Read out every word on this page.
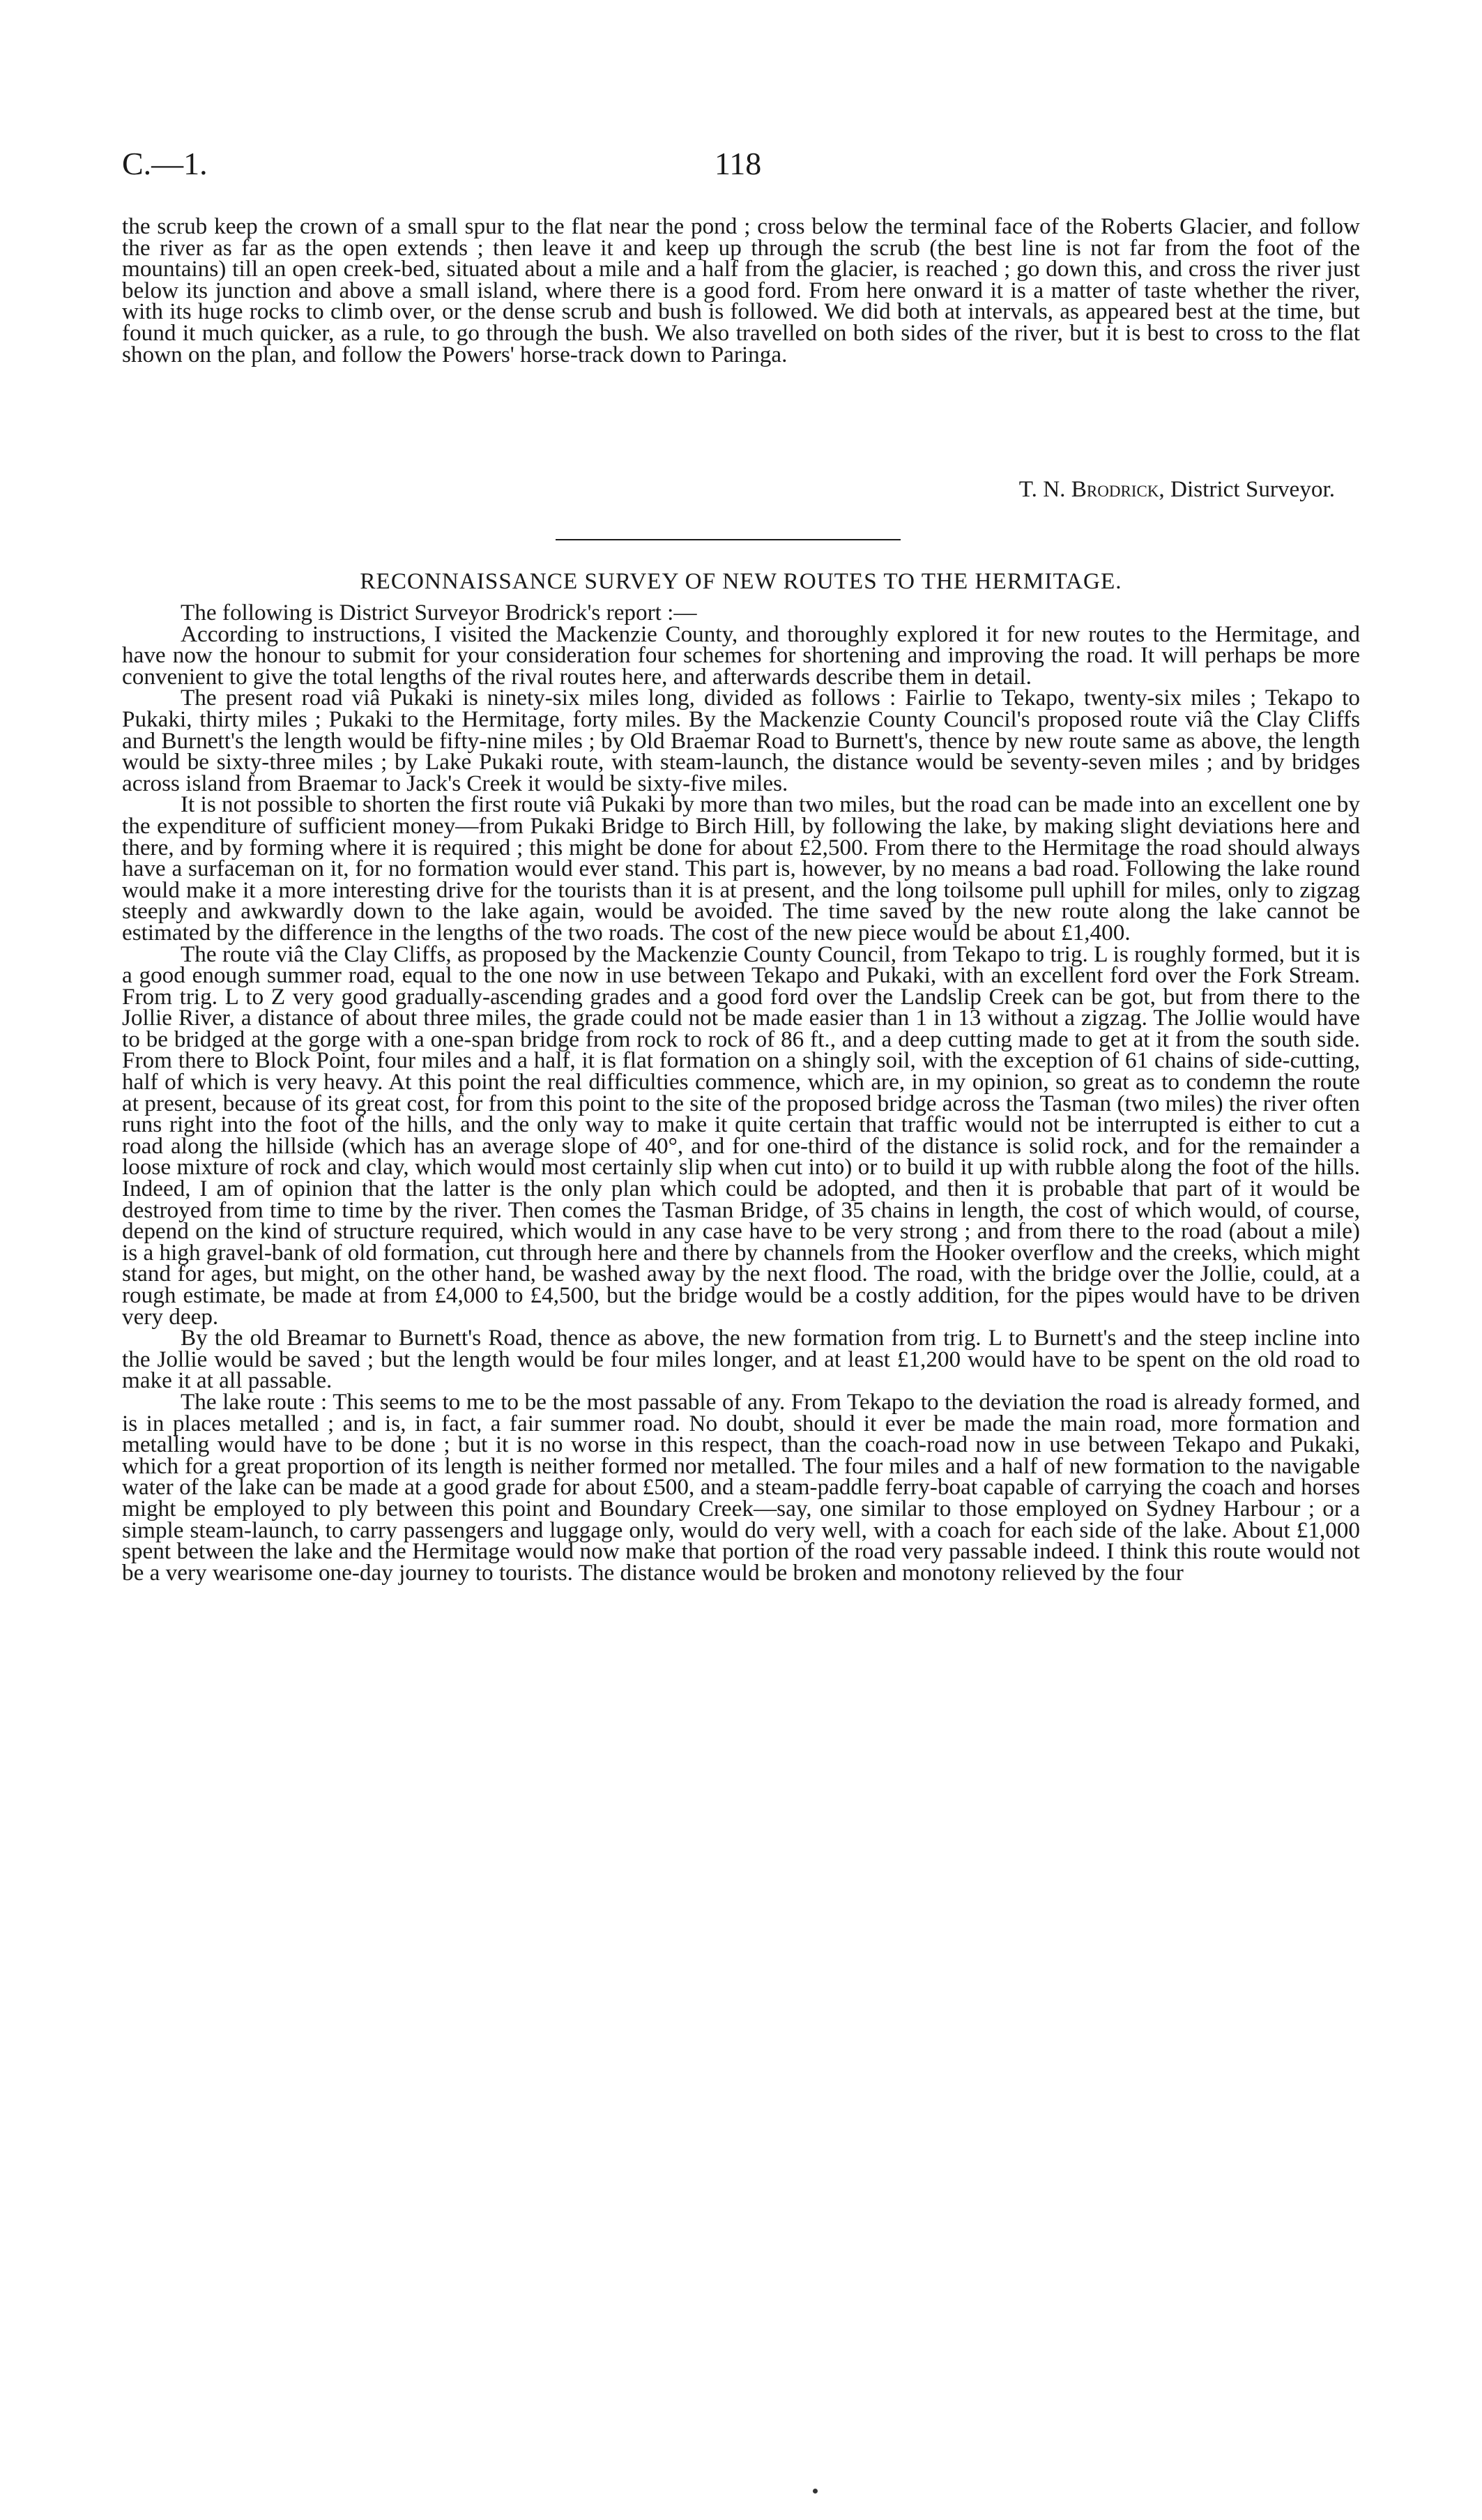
C.—1.	118

the scrub keep the crown of a small spur to the flat near the pond ; cross below the terminal face of the Roberts Glacier, and follow the river as far as the open extends ; then leave it and keep up through the scrub (the best line is not far from the foot of the mountains) till an open creek-bed, situated about a mile and a half from the glacier, is reached ; go down this, and cross the river just below its junction and above a small island, where there is a good ford. From here onward it is a matter of taste whether the river, with its huge rocks to climb over, or the dense scrub and bush is followed. We did both at intervals, as appeared best at the time, but found it much quicker, as a rule, to go through the bush. We also travelled on both sides of the river, but it is best to cross to the flat shown on the plan, and follow the Powers' horse-track down to Paringa.

T. N. Brodrick, District Surveyor.
RECONNAISSANCE SURVEY OF NEW ROUTES TO THE HERMITAGE.

The following is District Surveyor Brodrick's report :—

According to instructions, I visited the Mackenzie County, and thoroughly explored it for new routes to the Hermitage, and have now the honour to submit for your consideration four schemes for shortening and improving the road. It will perhaps be more convenient to give the total lengths of the rival routes here, and afterwards describe them in detail.

The present road viâ Pukaki is ninety-six miles long, divided as follows : Fairlie to Tekapo, twenty-six miles ; Tekapo to Pukaki, thirty miles ; Pukaki to the Hermitage, forty miles. By the Mackenzie County Council's proposed route viâ the Clay Cliffs and Burnett's the length would be fifty-nine miles ; by Old Braemar Road to Burnett's, thence by new route same as above, the length would be sixty-three miles ; by Lake Pukaki route, with steam-launch, the distance would be seventy-seven miles ; and by bridges across island from Braemar to Jack's Creek it would be sixty-five miles.

It is not possible to shorten the first route viâ Pukaki by more than two miles, but the road can be made into an excellent one by the expenditure of sufficient money—from Pukaki Bridge to Birch Hill, by following the lake, by making slight deviations here and there, and by forming where it is required ; this might be done for about £2,500. From there to the Hermitage the road should always have a surfaceman on it, for no formation would ever stand. This part is, however, by no means a bad road. Following the lake round would make it a more interesting drive for the tourists than it is at present, and the long toilsome pull uphill for miles, only to zigzag steeply and awkwardly down to the lake again, would be avoided. The time saved by the new route along the lake cannot be estimated by the difference in the lengths of the two roads. The cost of the new piece would be about £1,400.

The route viâ the Clay Cliffs, as proposed by the Mackenzie County Council, from Tekapo to trig. L is roughly formed, but it is a good enough summer road, equal to the one now in use between Tekapo and Pukaki, with an excellent ford over the Fork Stream. From trig. L to Z very good gradually-ascending grades and a good ford over the Landslip Creek can be got, but from there to the Jollie River, a distance of about three miles, the grade could not be made easier than 1 in 13 without a zigzag. The Jollie would have to be bridged at the gorge with a one-span bridge from rock to rock of 86 ft., and a deep cutting made to get at it from the south side. From there to Block Point, four miles and a half, it is flat formation on a shingly soil, with the exception of 61 chains of side-cutting, half of which is very heavy. At this point the real difficulties commence, which are, in my opinion, so great as to condemn the route at present, because of its great cost, for from this point to the site of the proposed bridge across the Tasman (two miles) the river often runs right into the foot of the hills, and the only way to make it quite certain that traffic would not be interrupted is either to cut a road along the hillside (which has an average slope of 40°, and for one-third of the distance is solid rock, and for the remainder a loose mixture of rock and clay, which would most certainly slip when cut into) or to build it up with rubble along the foot of the hills. Indeed, I am of opinion that the latter is the only plan which could be adopted, and then it is probable that part of it would be destroyed from time to time by the river. Then comes the Tasman Bridge, of 35 chains in length, the cost of which would, of course, depend on the kind of structure required, which would in any case have to be very strong ; and from there to the road (about a mile) is a high gravel-bank of old formation, cut through here and there by channels from the Hooker overflow and the creeks, which might stand for ages, but might, on the other hand, be washed away by the next flood. The road, with the bridge over the Jollie, could, at a rough estimate, be made at from £4,000 to £4,500, but the bridge would be a costly addition, for the pipes would have to be driven very deep.

By the old Breamar to Burnett's Road, thence as above, the new formation from trig. L to Burnett's and the steep incline into the Jollie would be saved ; but the length would be four miles longer, and at least £1,200 would have to be spent on the old road to make it at all passable.

The lake route : This seems to me to be the most passable of any. From Tekapo to the deviation the road is already formed, and is in places metalled ; and is, in fact, a fair summer road. No doubt, should it ever be made the main road, more formation and metalling would have to be done ; but it is no worse in this respect, than the coach-road now in use between Tekapo and Pukaki, which for a great proportion of its length is neither formed nor metalled. The four miles and a half of new formation to the navigable water of the lake can be made at a good grade for about £500, and a steam-paddle ferry-boat capable of carrying the coach and horses might be employed to ply between this point and Boundary Creek—say, one similar to those employed on Sydney Harbour ; or a simple steam-launch, to carry passengers and luggage only, would do very well, with a coach for each side of the lake. About £1,000 spent between the lake and the Hermitage would now make that portion of the road very passable indeed. I think this route would not be a very wearisome one-day journey to tourists. The distance would be broken and monotony relieved by the four
